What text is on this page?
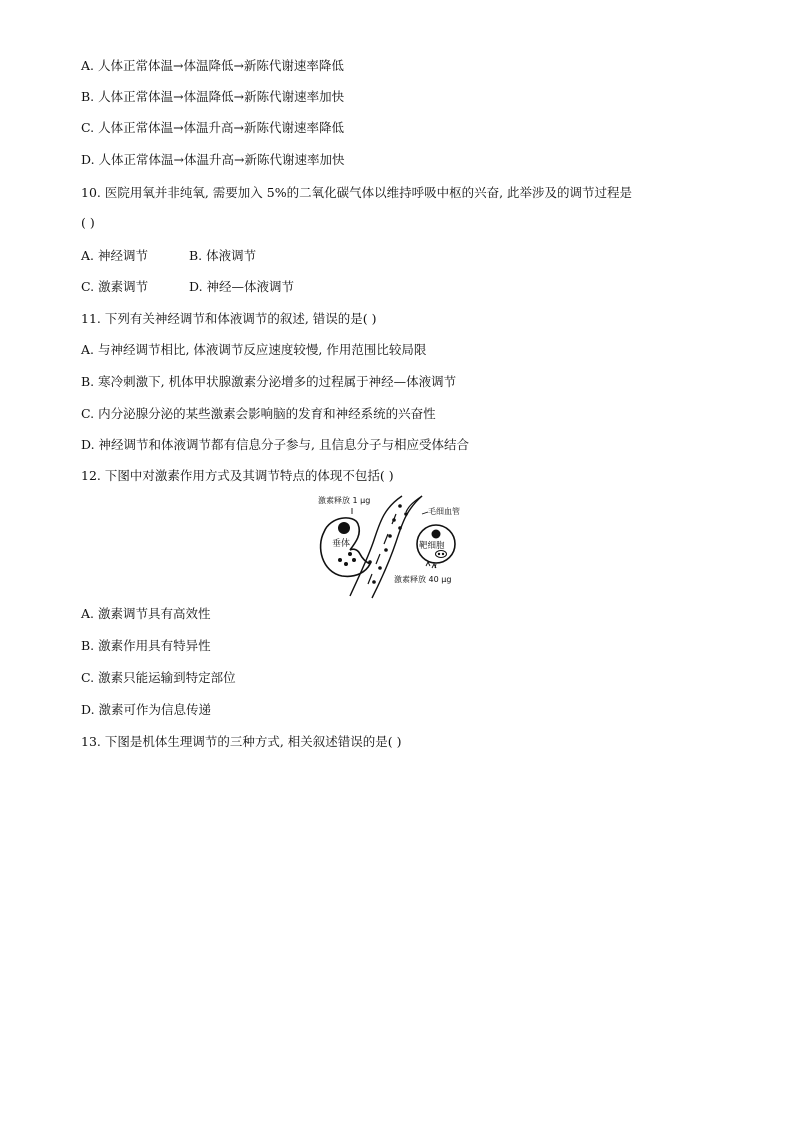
A. 人体正常体温→体温降低→新陈代谢速率降低
B. 人体正常体温→体温降低→新陈代谢速率加快
C. 人体正常体温→体温升高→新陈代谢速率降低
D. 人体正常体温→体温升高→新陈代谢速率加快
10. 医院用氧并非纯氧, 需要加入 5%的二氧化碳气体以维持呼吸中枢的兴奋, 此举涉及的调节过程是
( )
A. 神经调节	B. 体液调节
C. 激素调节	D. 神经—体液调节
11. 下列有关神经调节和体液调节的叙述, 错误的是( )
A. 与神经调节相比, 体液调节反应速度较慢, 作用范围比较局限
B. 寒冷刺激下, 机体甲状腺激素分泌增多的过程属于神经—体液调节
C. 内分泌腺分泌的某些激素会影响脑的发育和神经系统的兴奋性
D. 神经调节和体液调节都有信息分子参与, 且信息分子与相应受体结合
12. 下图中对激素作用方式及其调节特点的体现不包括( )
垂体	靶细胞
激素释放 1 μg
毛细血管
激素释放 40 μg
A. 激素调节具有高效性
B. 激素作用具有特异性
C. 激素只能运输到特定部位
D. 激素可作为信息传递
13. 下图是机体生理调节的三种方式, 相关叙述错误的是( )
